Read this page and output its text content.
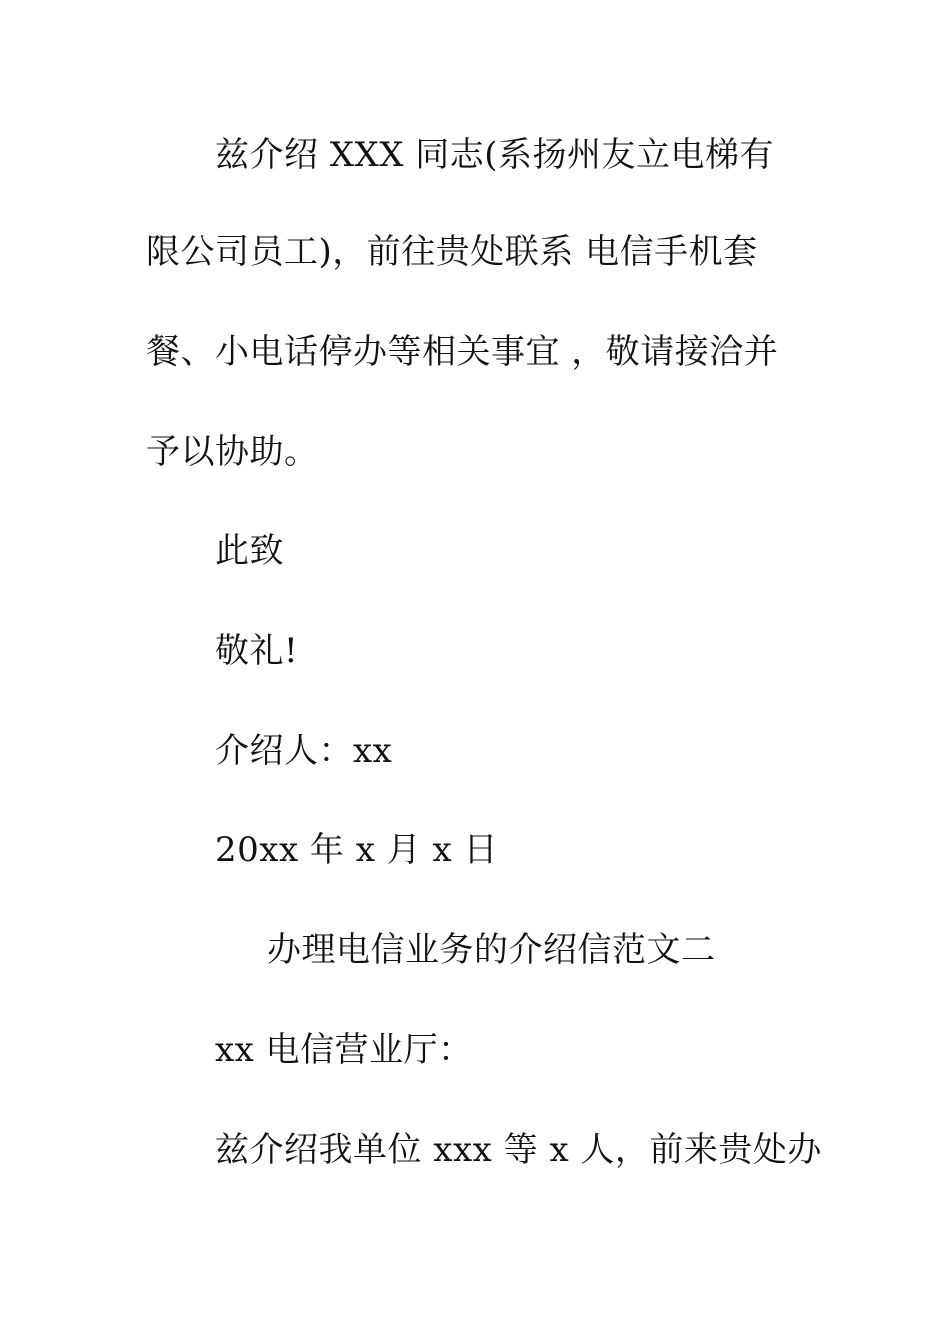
兹介绍 XXX 同志(系扬州友立电梯有
限公司员工)，前往贵处联系 电信手机套
餐、小电话停办等相关事宜 ，敬请接洽并
予以协助。
此致
敬礼!
介绍人：xx
20xx 年 x 月 x 日
办理电信业务的介绍信范文二
xx 电信营业厅：
兹介绍我单位 xxx 等 x 人，前来贵处办
